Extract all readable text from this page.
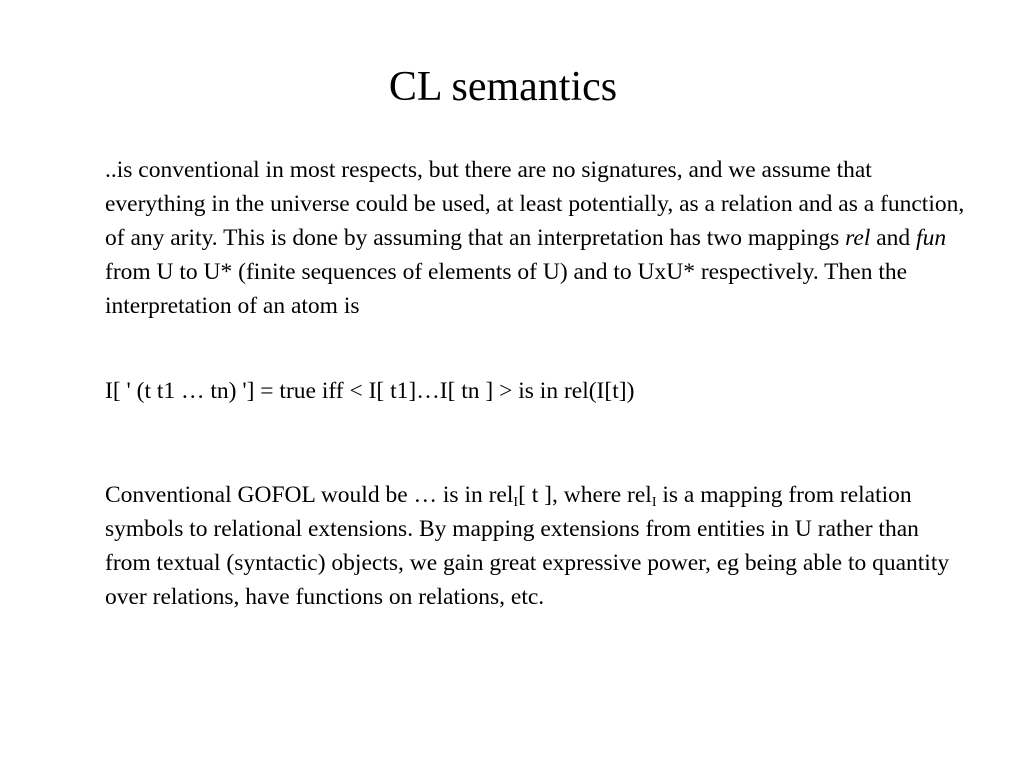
CL semantics

..is conventional in most respects, but there are no signatures, and we assume that everything in the universe could be used, at least potentially, as a relation and as a function, of any arity. This is done by assuming that an interpretation has two mappings rel and fun from U to U* (finite sequences of elements of U) and to UxU* respectively. Then the interpretation of an atom is

I[ ' (t t1 … tn) '] = true iff < I[ t1]…I[ tn ] > is in rel(I[t])

Conventional GOFOL would be … is in rel$_I$[ t ], where rel$_I$ is a mapping from relation symbols to relational extensions. By mapping extensions from entities in U rather than from textual (syntactic) objects, we gain great expressive power, eg being able to quantity over relations, have functions on relations, etc.
